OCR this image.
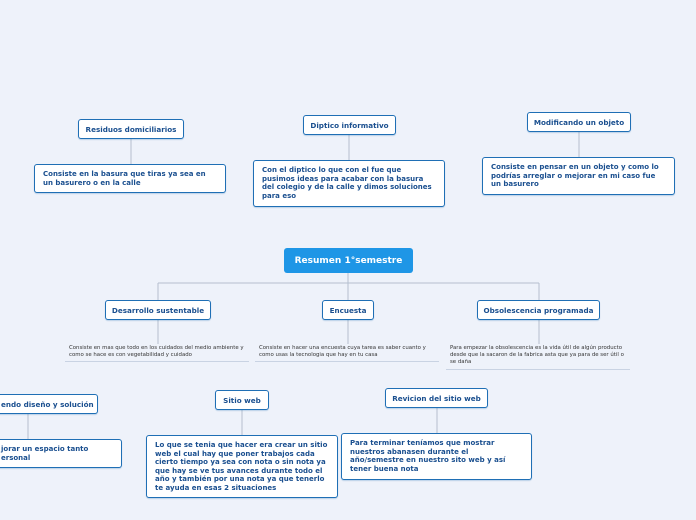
Residuos domiciliarios
Consiste en la basura que tiras ya sea en un basurero o en la calle
Diptico informativo
Con el diptico lo que con el fue que pusimos ideas para acabar con la basura del colegio y de la calle y dimos soluciones para eso
Modificando un objeto
Consiste en pensar en un objeto y como lo podrías arreglar o mejorar en mi caso fue un basurero
Resumen 1°semestre
Desarrollo sustentable
Consiste en mas que todo en los cuidados del medio ambiente y como se hace es con vegetabilidad y cuidado
Encuesta
Consiste en hacer una encuesta cuya tarea es saber cuanto y como usas la tecnologia que hay en tu casa
Obsolescencia programada
Para empezar la obsolescencia es la vida útil de algún producto desde que la sacaron de la fabrica asta que ya para de ser útil o se daña
endo diseño y solución
jorar un espacio tanto ersonal
Sitio web
Lo que se tenia que hacer era crear un sitio web el cual hay que poner trabajos cada cierto tiempo ya sea con nota o sin nota ya que hay se ve tus avances durante todo el año y también por una nota ya que tenerlo te ayuda en esas 2 situaciones
Revicion del sitio web
Para terminar teníamos que mostrar nuestros abanasen durante el año/semestre en nuestro sito web y así tener buena nota
